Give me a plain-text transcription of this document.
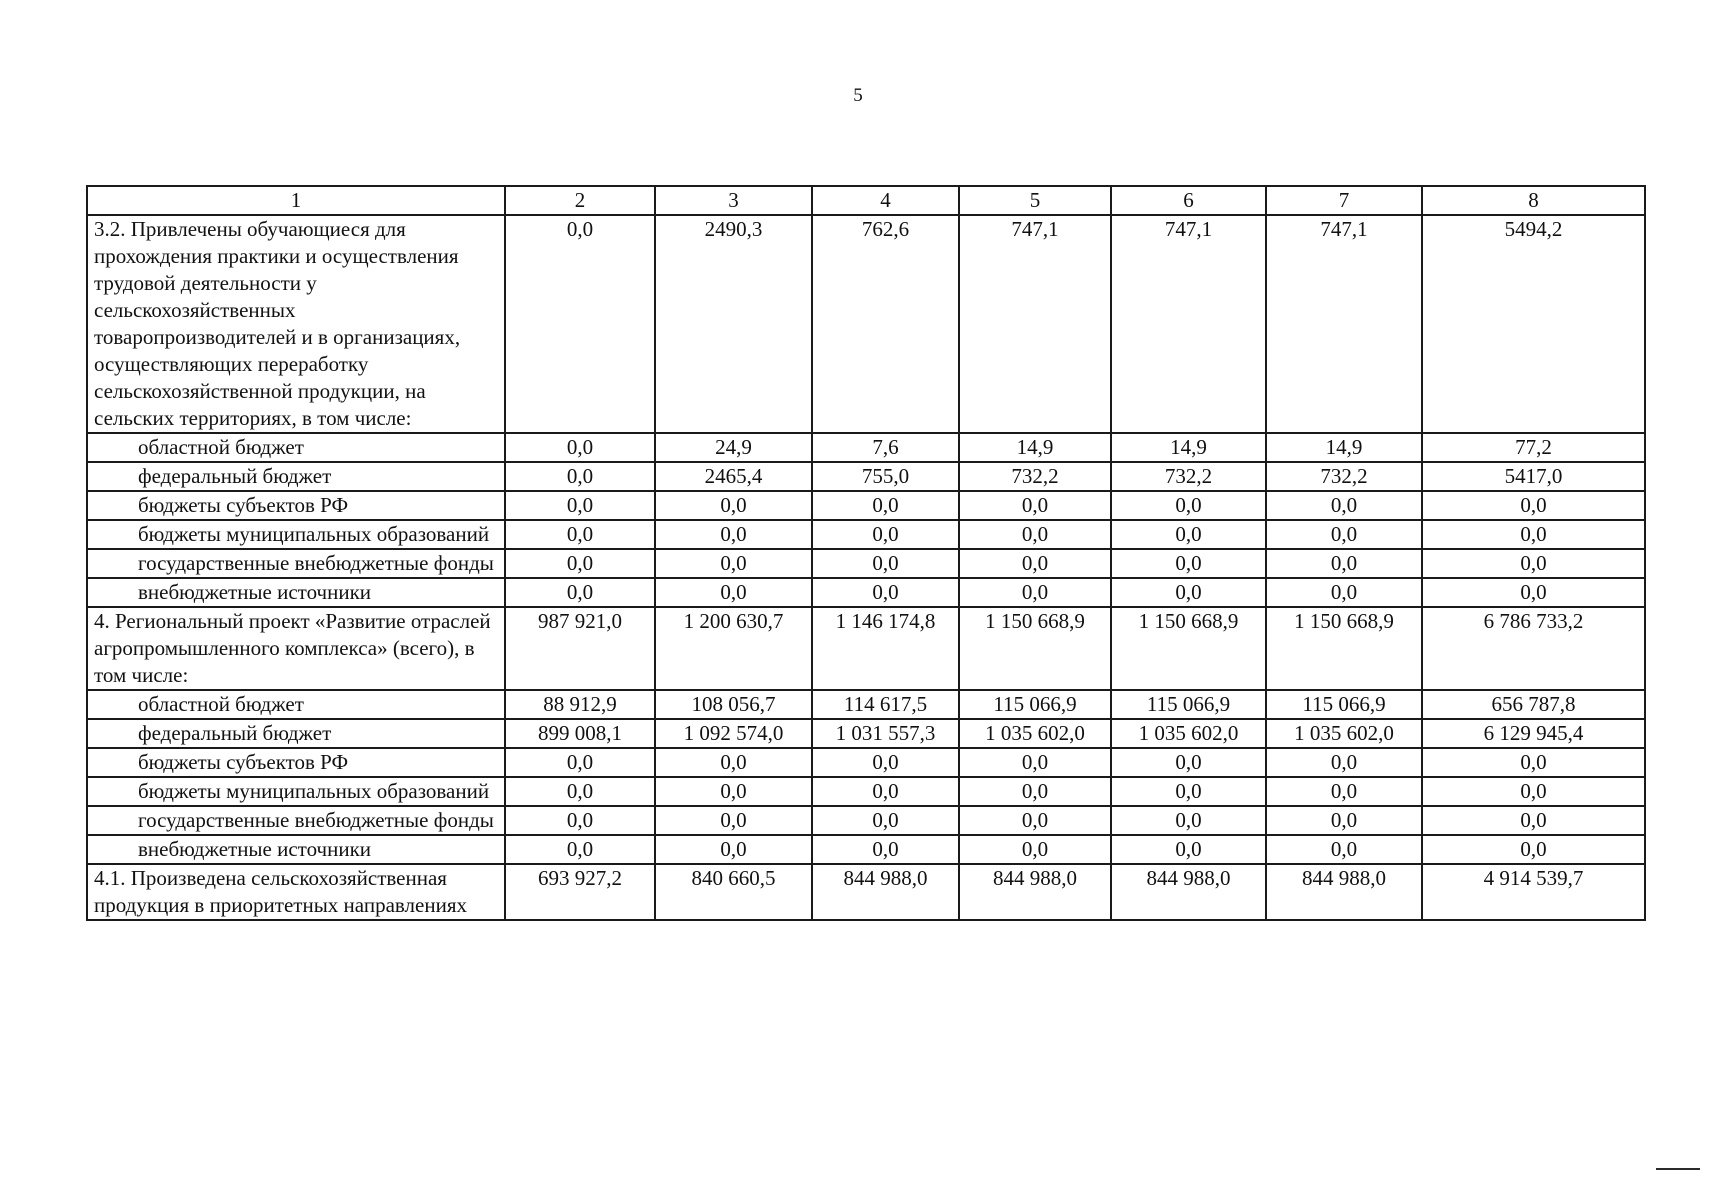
5
1	2	3	4	5	6	7	8
3.2. Привлечены обучающиеся для прохождения практики и осуществления трудовой деятельности у сельскохозяйственных товаропроизводителей и в организациях, осуществляющих переработку сельскохозяйственной продукции, на сельских территориях, в том числе:	0,0	2490,3	762,6	747,1	747,1	747,1	5494,2
областной бюджет	0,0	24,9	7,6	14,9	14,9	14,9	77,2
федеральный бюджет	0,0	2465,4	755,0	732,2	732,2	732,2	5417,0
бюджеты субъектов РФ	0,0	0,0	0,0	0,0	0,0	0,0	0,0
бюджеты муниципальных образований	0,0	0,0	0,0	0,0	0,0	0,0	0,0
государственные внебюджетные фонды	0,0	0,0	0,0	0,0	0,0	0,0	0,0
внебюджетные источники	0,0	0,0	0,0	0,0	0,0	0,0	0,0
4. Региональный проект «Развитие отраслей агропромышленного комплекса» (всего), в том числе:	987 921,0	1 200 630,7	1 146 174,8	1 150 668,9	1 150 668,9	1 150 668,9	6 786 733,2
областной бюджет	88 912,9	108 056,7	114 617,5	115 066,9	115 066,9	115 066,9	656 787,8
федеральный бюджет	899 008,1	1 092 574,0	1 031 557,3	1 035 602,0	1 035 602,0	1 035 602,0	6 129 945,4
бюджеты субъектов РФ	0,0	0,0	0,0	0,0	0,0	0,0	0,0
бюджеты муниципальных образований	0,0	0,0	0,0	0,0	0,0	0,0	0,0
государственные внебюджетные фонды	0,0	0,0	0,0	0,0	0,0	0,0	0,0
внебюджетные источники	0,0	0,0	0,0	0,0	0,0	0,0	0,0
4.1. Произведена сельскохозяйственная продукция в приоритетных направлениях	693 927,2	840 660,5	844 988,0	844 988,0	844 988,0	844 988,0	4 914 539,7
